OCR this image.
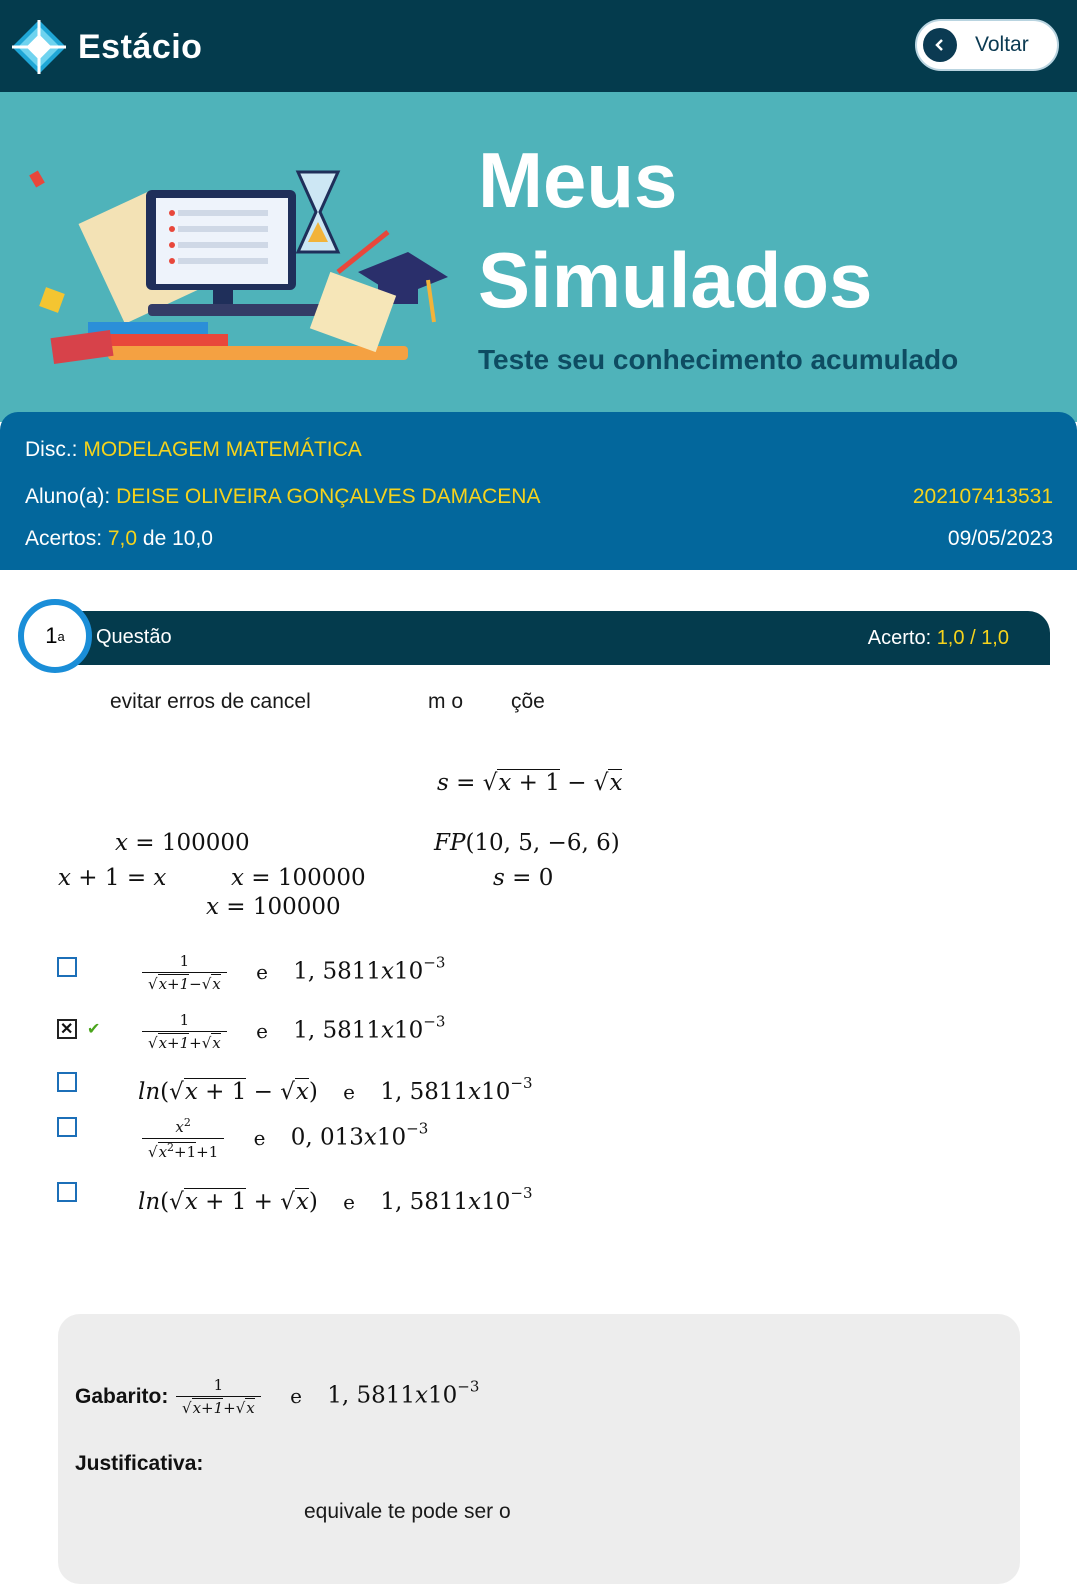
Estácio	Voltar
Meus
Simulados
Teste seu conhecimento acumulado
Disc.: MODELAGEM MATEMÁTICA
Aluno(a): DEISE OLIVEIRA GONÇALVES DAMACENA	202107413531
Acertos: 7,0 de 10,0	09/05/2023
1 a Questão	Acerto: 1,0 / 1,0
evitar erros de cancel	m o çõe
s = √x + 1 − √x
x = 100000	FP(10, 5, −6, 6)
x + 1 = x	x = 100000	s = 0
x = 100000
$\frac{1}{√x+1-√x}$ e 1, $5811x10^{-3}$
✕ ✔	$\frac{1}{√x+1+√x}$ e 1, $5811x10^{-3}$
ln(√x + 1 − √x) e 1, $5811x10^{-3}$
$\frac{x^2}{√x^2+1+1}$ e 0, $013x10^{-3}$
ln(√x + 1 + √x) e 1, $5811x10^{-3}$
Gabarito: $\frac{1}{√x+1+√x}$ e 1, $5811x10^{-3}$
Justificativa:
equivale te pode ser o
